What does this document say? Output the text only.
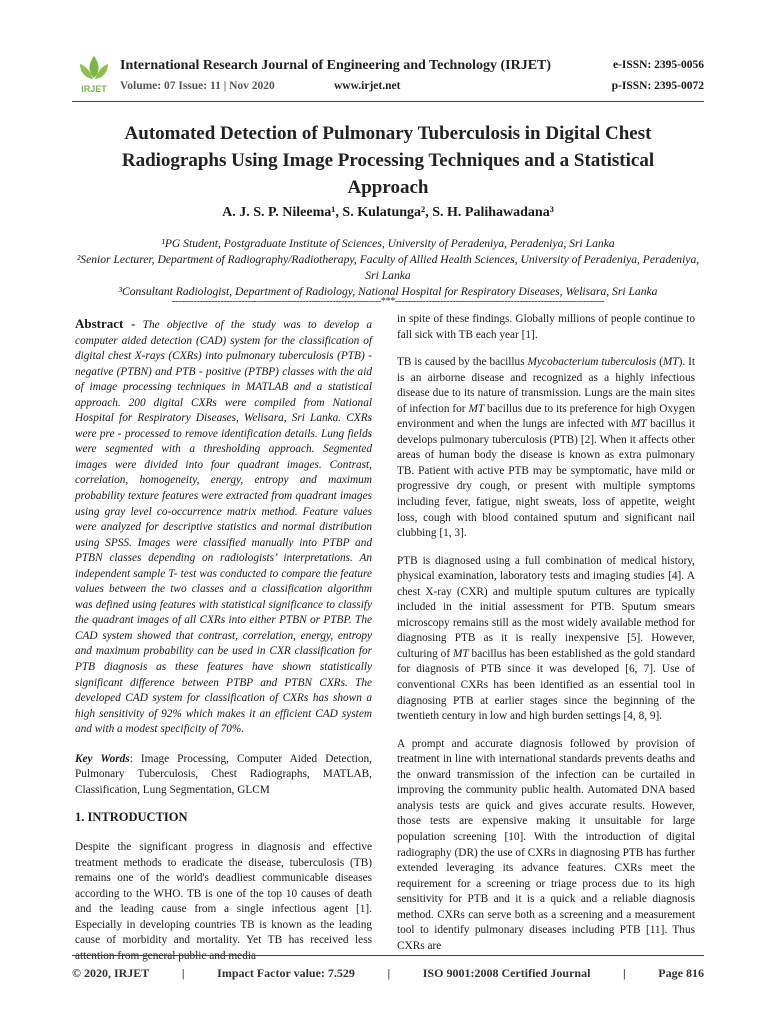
IRJET
International Research Journal of Engineering and Technology (IRJET)
Volume: 07 Issue: 11 | Nov 2020	www.irjet.net
e-ISSN: 2395-0056
p-ISSN: 2395-0072
Automated Detection of Pulmonary Tuberculosis in Digital Chest Radiographs Using Image Processing Techniques and a Statistical Approach
A. J. S. P. Nileema¹, S. Kulatunga², S. H. Palihawadana³
¹PG Student, Postgraduate Institute of Sciences, University of Peradeniya, Peradeniya, Sri Lanka
²Senior Lecturer, Department of Radiography/Radiotherapy, Faculty of Allied Health Sciences, University of Peradeniya, Peradeniya, Sri Lanka
³Consultant Radiologist, Department of Radiology, National Hospital for Respiratory Diseases, Welisara, Sri Lanka
---------------------------------------------------------------------***---------------------------------------------------------------------

Abstract - The objective of the study was to develop a computer aided detection (CAD) system for the classification of digital chest X-rays (CXRs) into pulmonary tuberculosis (PTB) - negative (PTBN) and PTB - positive (PTBP) classes with the aid of image processing techniques in MATLAB and a statistical approach. 200 digital CXRs were compiled from National Hospital for Respiratory Diseases, Welisara, Sri Lanka. CXRs were pre - processed to remove identification details. Lung fields were segmented with a thresholding approach. Segmented images were divided into four quadrant images. Contrast, correlation, homogeneity, energy, entropy and maximum probability texture features were extracted from quadrant images using gray level co-occurrence matrix method. Feature values were analyzed for descriptive statistics and normal distribution using SPSS. Images were classified manually into PTBP and PTBN classes depending on radiologists’ interpretations. An independent sample T- test was conducted to compare the feature values between the two classes and a classification algorithm was defined using features with statistical significance to classify the quadrant images of all CXRs into either PTBN or PTBP. The CAD system showed that contrast, correlation, energy, entropy and maximum probability can be used in CXR classification for PTB diagnosis as these features have shown statistically significant difference between PTBP and PTBN CXRs. The developed CAD system for classification of CXRs has shown a high sensitivity of 92% which makes it an efficient CAD system and with a modest specificity of 70%.

Key Words: Image Processing, Computer Aided Detection, Pulmonary Tuberculosis, Chest Radiographs, MATLAB, Classification, Lung Segmentation, GLCM

1. INTRODUCTION

Despite the significant progress in diagnosis and effective treatment methods to eradicate the disease, tuberculosis (TB) remains one of the world's deadliest communicable diseases according to the WHO. TB is one of the top 10 causes of death and the leading cause from a single infectious agent [1]. Especially in developing countries TB is known as the leading cause of morbidity and mortality. Yet TB has received less attention from general public and media

in spite of these findings. Globally millions of people continue to fall sick with TB each year [1].

TB is caused by the bacillus Mycobacterium tuberculosis (MT). It is an airborne disease and recognized as a highly infectious disease due to its nature of transmission. Lungs are the main sites of infection for MT bacillus due to its preference for high Oxygen environment and when the lungs are infected with MT bacillus it develops pulmonary tuberculosis (PTB) [2]. When it affects other areas of human body the disease is known as extra pulmonary TB. Patient with active PTB may be symptomatic, have mild or progressive dry cough, or present with multiple symptoms including fever, fatigue, night sweats, loss of appetite, weight loss, cough with blood contained sputum and significant nail clubbing [1, 3].

PTB is diagnosed using a full combination of medical history, physical examination, laboratory tests and imaging studies [4]. A chest X-ray (CXR) and multiple sputum cultures are typically included in the initial assessment for PTB. Sputum smears microscopy remains still as the most widely available method for diagnosing PTB as it is really inexpensive [5]. However, culturing of MT bacillus has been established as the gold standard for diagnosis of PTB since it was developed [6, 7]. Use of conventional CXRs has been identified as an essential tool in diagnosing PTB at earlier stages since the beginning of the twentieth century in low and high burden settings [4, 8, 9].

A prompt and accurate diagnosis followed by provision of treatment in line with international standards prevents deaths and the onward transmission of the infection can be curtailed in improving the community public health. Automated DNA based analysis tests are quick and gives accurate results. However, those tests are expensive making it unsuitable for large population screening [10]. With the introduction of digital radiography (DR) the use of CXRs in diagnosing PTB has further extended leveraging its advance features. CXRs meet the requirement for a screening or triage process due to its high sensitivity for PTB and it is a quick and a reliable diagnosis method. CXRs can serve both as a screening and a measurement tool to identify pulmonary diseases including PTB [11]. Thus CXRs are

© 2020, IRJET	|	Impact Factor value: 7.529	|	ISO 9001:2008 Certified Journal	|	Page 816
